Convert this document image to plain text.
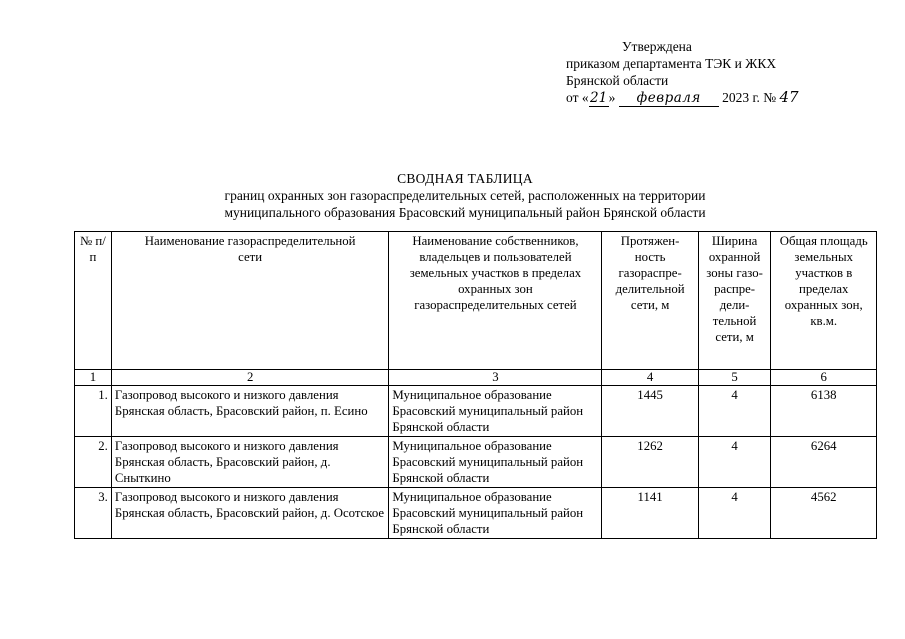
Утверждена
приказом департамента ТЭК и ЖКХ
Брянской области
от «21» февраля 2023 г. № 47
СВОДНАЯ ТАБЛИЦА
границ охранных зон газораспределительных сетей, расположенных на территории
муниципального образования Брасовский муниципальный район Брянской области
№ п/п	Наименование газораспределительной сети	Наименование собственников, владельцев и пользователей земельных участков в пределах охранных зон газораспределительных сетей	Протяжен-ность газораспре-делительной сети, м	Ширина охранной зоны газо-распре-дели-тельной сети, м	Общая площадь земельных участков в пределах охранных зон, кв.м.
1	2	3	4	5	6
1.	Газопровод высокого и низкого давления
Брянская область, Брасовский район, п. Есино	Муниципальное образование Брасовский муниципальный район Брянской области	1445	4	6138
2.	Газопровод высокого и низкого давления
Брянская область, Брасовский район, д. Сныткино	Муниципальное образование Брасовский муниципальный район Брянской области	1262	4	6264
3.	Газопровод высокого и низкого давления
Брянская область, Брасовский район, д. Осотское	Муниципальное образование Брасовский муниципальный район Брянской области	1141	4	4562
